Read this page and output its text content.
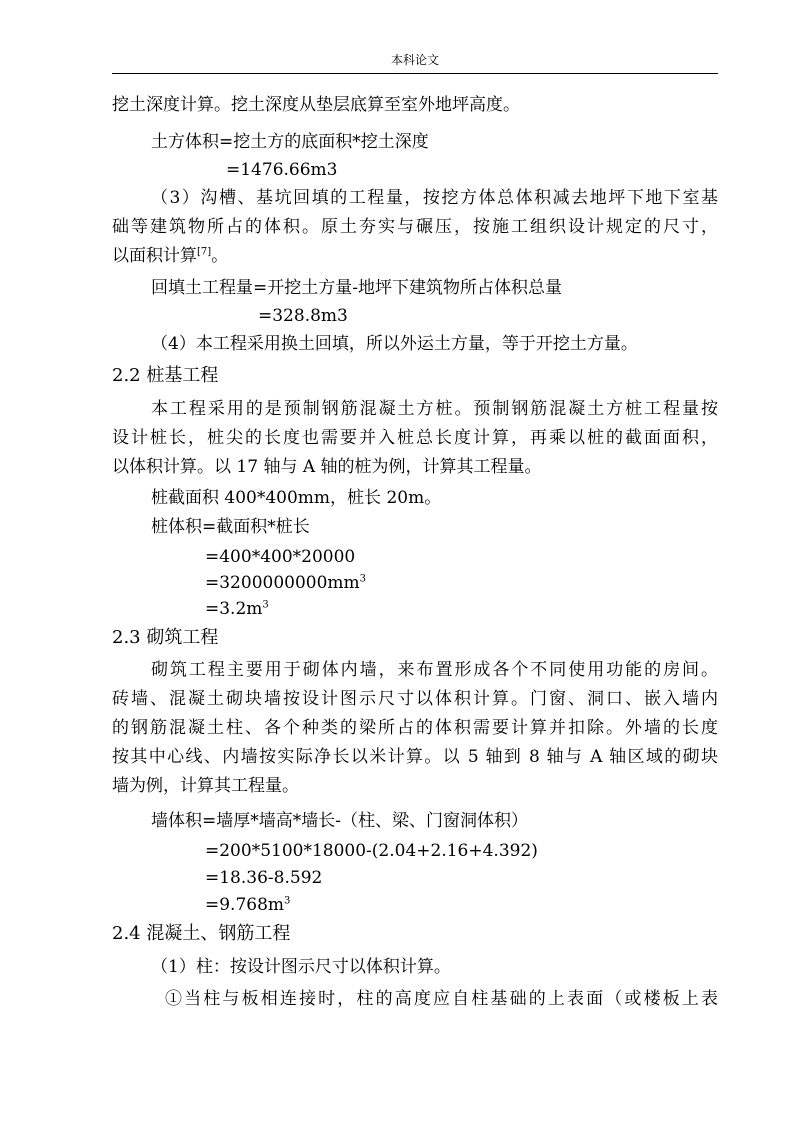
本科论文
挖土深度计算。挖土深度从垫层底算至室外地坪高度。
土方体积=挖土方的底面积*挖土深度
=1476.66m3
（3）沟槽、基坑回填的工程量，按挖方体总体积减去地坪下地下室基
础等建筑物所占的体积。原土夯实与碾压，按施工组织设计规定的尺寸，
以面积计算[7]。
回填土工程量=开挖土方量-地坪下建筑物所占体积总量
=328.8m3
（4）本工程采用换土回填，所以外运土方量，等于开挖土方量。
2.2 桩基工程
本工程采用的是预制钢筋混凝土方桩。预制钢筋混凝土方桩工程量按
设计桩长，桩尖的长度也需要并入桩总长度计算，再乘以桩的截面面积，
以体积计算。以 17 轴与 A 轴的桩为例，计算其工程量。
桩截面积 400*400mm，桩长 20m。
桩体积=截面积*桩长
=400*400*20000
$=3200000000mm^3$
$=3.2m^3$
2.3 砌筑工程
砌筑工程主要用于砌体内墙，来布置形成各个不同使用功能的房间。
砖墙、混凝土砌块墙按设计图示尺寸以体积计算。门窗、洞口、嵌入墙内
的钢筋混凝土柱、各个种类的梁所占的体积需要计算并扣除。外墙的长度
按其中心线、内墙按实际净长以米计算。以 5 轴到 8 轴与 A 轴区域的砌块
墙为例，计算其工程量。
墙体积=墙厚*墙高*墙长-（柱、梁、门窗洞体积）
=200*5100*18000-(2.04+2.16+4.392)
=18.36-8.592
$=9.768m^3$
2.4 混凝土、钢筋工程
（1）柱：按设计图示尺寸以体积计算。
①当柱与板相连接时，柱的高度应自柱基础的上表面（或楼板上表
